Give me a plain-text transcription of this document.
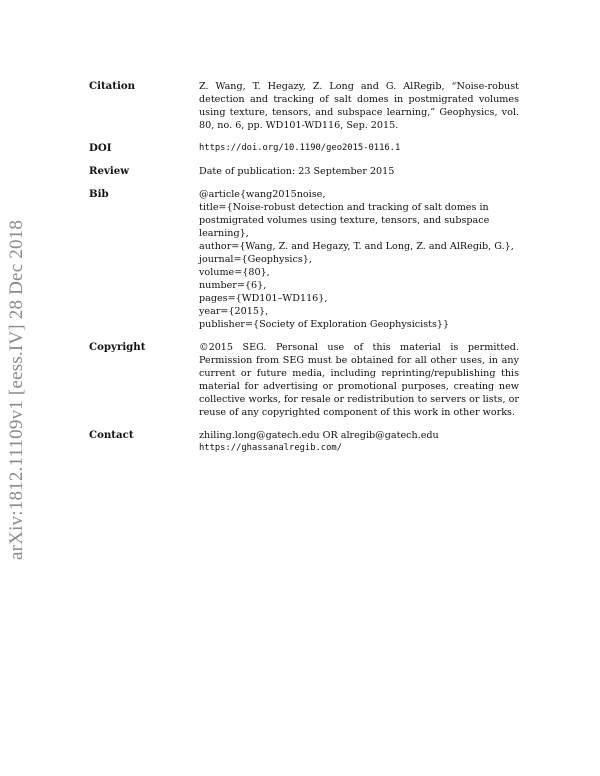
arXiv:1812.11109v1 [eess.IV] 28 Dec 2018
Citation	Z. Wang, T. Hegazy, Z. Long and G. AlRegib, “Noise-robust detection and tracking of salt domes in postmigrated volumes using texture, tensors, and subspace learning,” Geophysics, vol. 80, no. 6, pp. WD101-WD116, Sep. 2015.
DOI	https://doi.org/10.1190/geo2015-0116.1
Review	Date of publication: 23 September 2015
Bib	@article{wang2015noise,
title={Noise-robust detection and tracking of salt domes in postmigrated volumes using texture, tensors, and subspace learning},
author={Wang, Z. and Hegazy, T. and Long, Z. and AlRegib, G.},
journal={Geophysics},
volume={80},
number={6},
pages={WD101–WD116},
year={2015},
publisher={Society of Exploration Geophysicists}}
Copyright	©2015 SEG. Personal use of this material is permitted. Permission from SEG must be obtained for all other uses, in any current or future media, including reprinting/republishing this material for advertising or promotional purposes, creating new collective works, for resale or redistribution to servers or lists, or reuse of any copyrighted component of this work in other works.
Contact	zhiling.long@gatech.edu OR alregib@gatech.edu
https://ghassanalregib.com/
